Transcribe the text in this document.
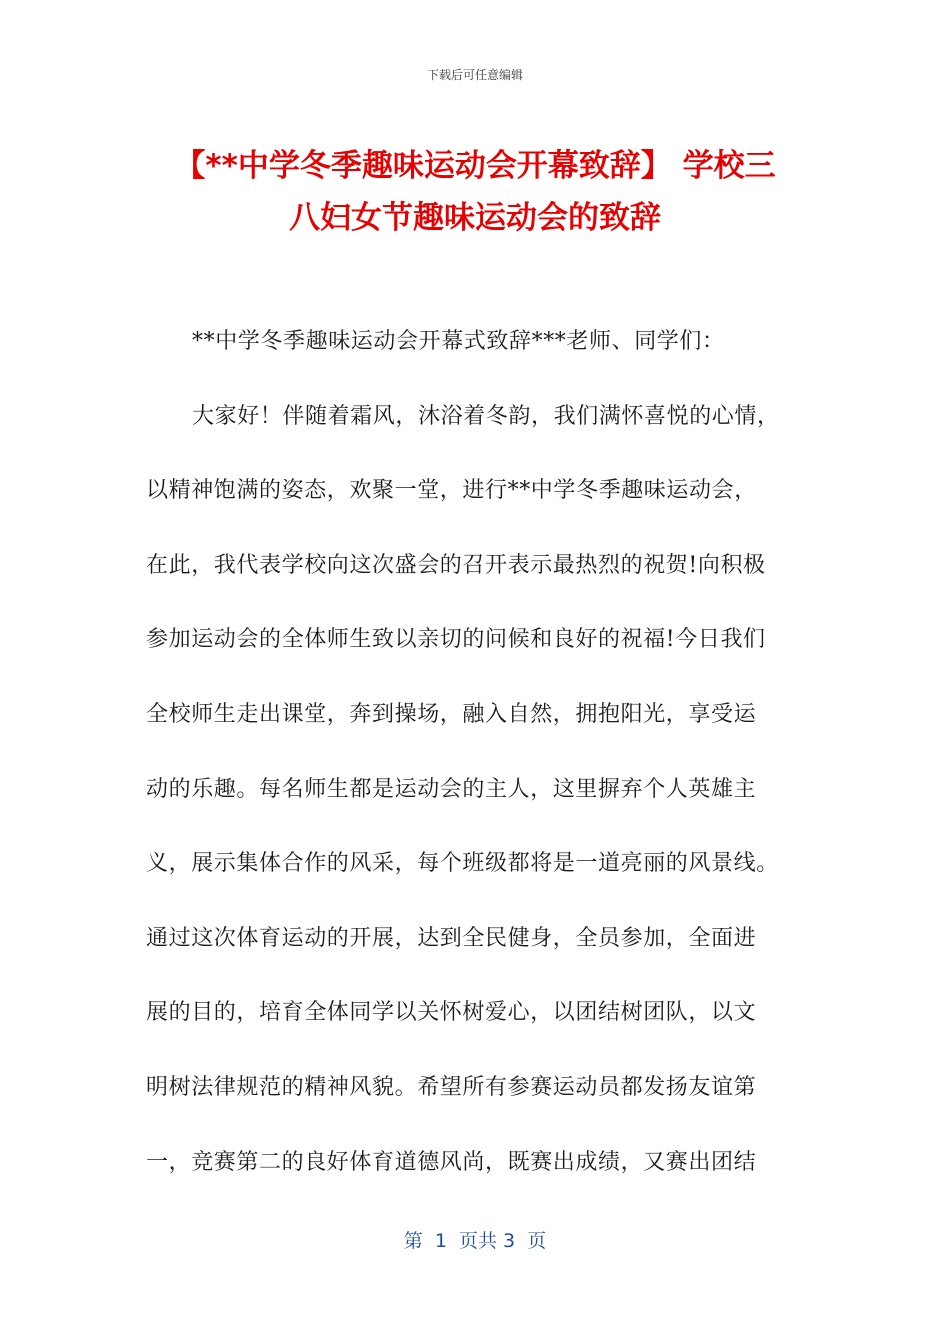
下载后可任意编辑
【**中学冬季趣味运动会开幕致辞】 学校三
八妇女节趣味运动会的致辞
**中学冬季趣味运动会开幕式致辞***老师、同学们：
大家好！伴随着霜风，沐浴着冬韵，我们满怀喜悦的心情，
以精神饱满的姿态，欢聚一堂，进行**中学冬季趣味运动会，
在此，我代表学校向这次盛会的召开表示最热烈的祝贺!向积极
参加运动会的全体师生致以亲切的问候和良好的祝福!今日我们
全校师生走出课堂，奔到操场，融入自然，拥抱阳光，享受运
动的乐趣。每名师生都是运动会的主人，这里摒弃个人英雄主
义，展示集体合作的风采，每个班级都将是一道亮丽的风景线。
通过这次体育运动的开展，达到全民健身，全员参加，全面进
展的目的，培育全体同学以关怀树爱心，以团结树团队，以文
明树法律规范的精神风貌。希望所有参赛运动员都发扬友谊第
一，竞赛第二的良好体育道德风尚，既赛出成绩，又赛出团结
第  1  页共 3  页
